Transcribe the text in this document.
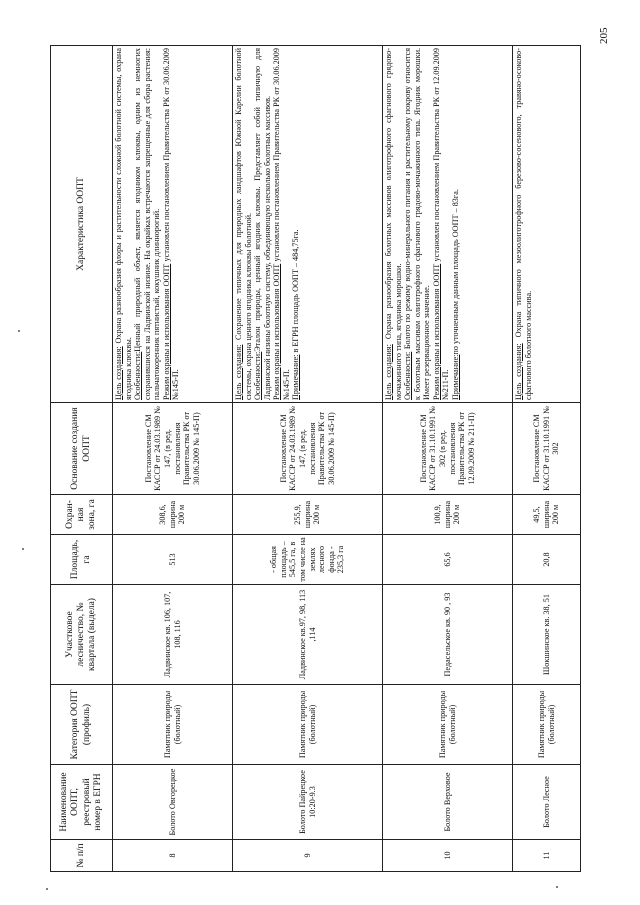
205
№ п/п	Наименование ООПТ, реестровый номер в ЕГРН	Категория ООПТ (профиль)	Участковое лесничество, № квартала (выдела)	Площадь, га	Охран-ная зона, га	Основание создания ООПТ	Характеристика ООПТ
8	Болото Овгорецкое	Памятник природы (болотный)	Ладвинское кв. 106, 107, 108, 116	513	308,6, ширина 200 м	Постановление СМ КАССР от 24.03.1989 № 147, (в ред. постановления Правительства РК от 30.06.2009 № 145-П)	Цель создания: Охрана разнообразия флоры и растительности сложной болотной системы, охрана ягодника клюквы. Особенности:Ценный природный объект, является ягодником клюквы, одним из немногих сохранившихся на Ладвинской низине. На окрайках встречаются запрещенные для сбора растения: пальчатокоренник пятнистый, кокушник длиннорогий. Режим охраны и использования ООПТ установлен постановлением Правительства РК от 30.06.2009 №145-П.

9	Болото Пайрецкое 10:20-9.3	Памятник природы (болотный)	Ладвинское кв.97, 98, 113 ,114	- общая площадь – 545,5 га, в том числе на землях лесного фонда - 235,3 га	255,9, ширина 200 м	Постановление СМ КАССР от 24.03.1989 № 147, (в ред. постановления Правительства РК от 30.06.2009 № 145-П)	Цель создания: Сохранение типичных для природных ландшафтов Южной Карелии болотной системы, охрана ценного ягодника клюквы болотной. Особенности:Эталон природы, ценный ягодник клюквы. Представляет собой типичную для Ладвинской низины болотную систему, объединяющую несколько болотных массивов. Режим охраны и использования ООПТ установлен постановлением Правительства РК от 30.06.2009 №145-П. Примечание: в ЕГРН площадь ООПТ – 484,75га.

10	Болото Верховое	Памятник природы (болотный)	Педасельское кв. 90 , 93	65,6	100,9, ширина 200 м	Постановление СМ КАССР от 31.10.1991 № 302 (в ред. постановления Правительства РК от 12.09.2009 № 211-П)	Цель создания: Охрана разнообразия болотных массивов олиготрофного сфагнового грядово-мочажинного типа, ягодника морошки. Особенности: Болото по режиму водно-минерального питания и растительному покрову относится к болотным массивам олиготрофного сфагнового грядово-мочажинного типа. Ягодник морошки. Имеет резервационное значение. Режим охраны и использования ООПТ установлен постановлением Правительства РК от 12.09.2009 №211-П. Примечание:по уточненным данным площадь ООПТ – 83га.

11	Болото Лесное	Памятник природы (болотный)	Шокшинское кв. 38, 51	20,8	49,5, ширина 200 м	Постановление СМ КАССР от 31.10.1991 № 302	Цель создания: Охрана типичного мезоолиготрофного березово-сосенового, травяно-осоково-сфагнового болотного массива.
